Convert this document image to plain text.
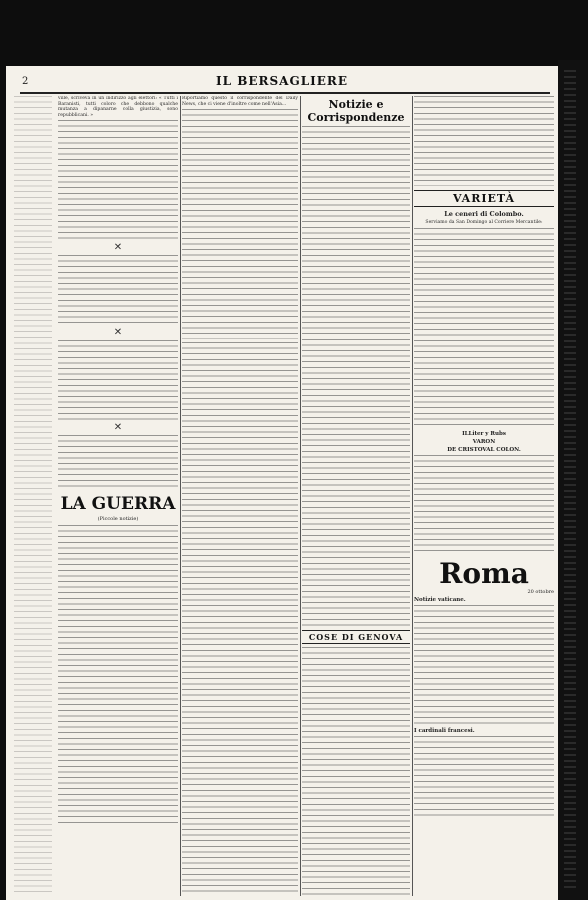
2	IL BERSAGLIERE

ville, scriveva in un indirizzo agli elettori: « Tutti i Baranisti, tutti coloro che debbono qualche mutanza a dipanarne colla giustizia, sono repubblicani. »

✕
✕
✕
LA GUERRA
(Piccole notizie)

Riportiamo questo il corrispondente del Daily News, che ci viene d'inoltre come nell'Asia...	Notizie e Corrispondenze
COSE DI GENOVA
VARIETÀ
Le ceneri di Colombo.
Serviamo da San Domingo al Corriere Mercantile:
ILLiter y Rubs
VARON
DE CRISTOVAL COLON.
Roma
20 ottobre
Notizie vaticane.
I cardinali francesi.
